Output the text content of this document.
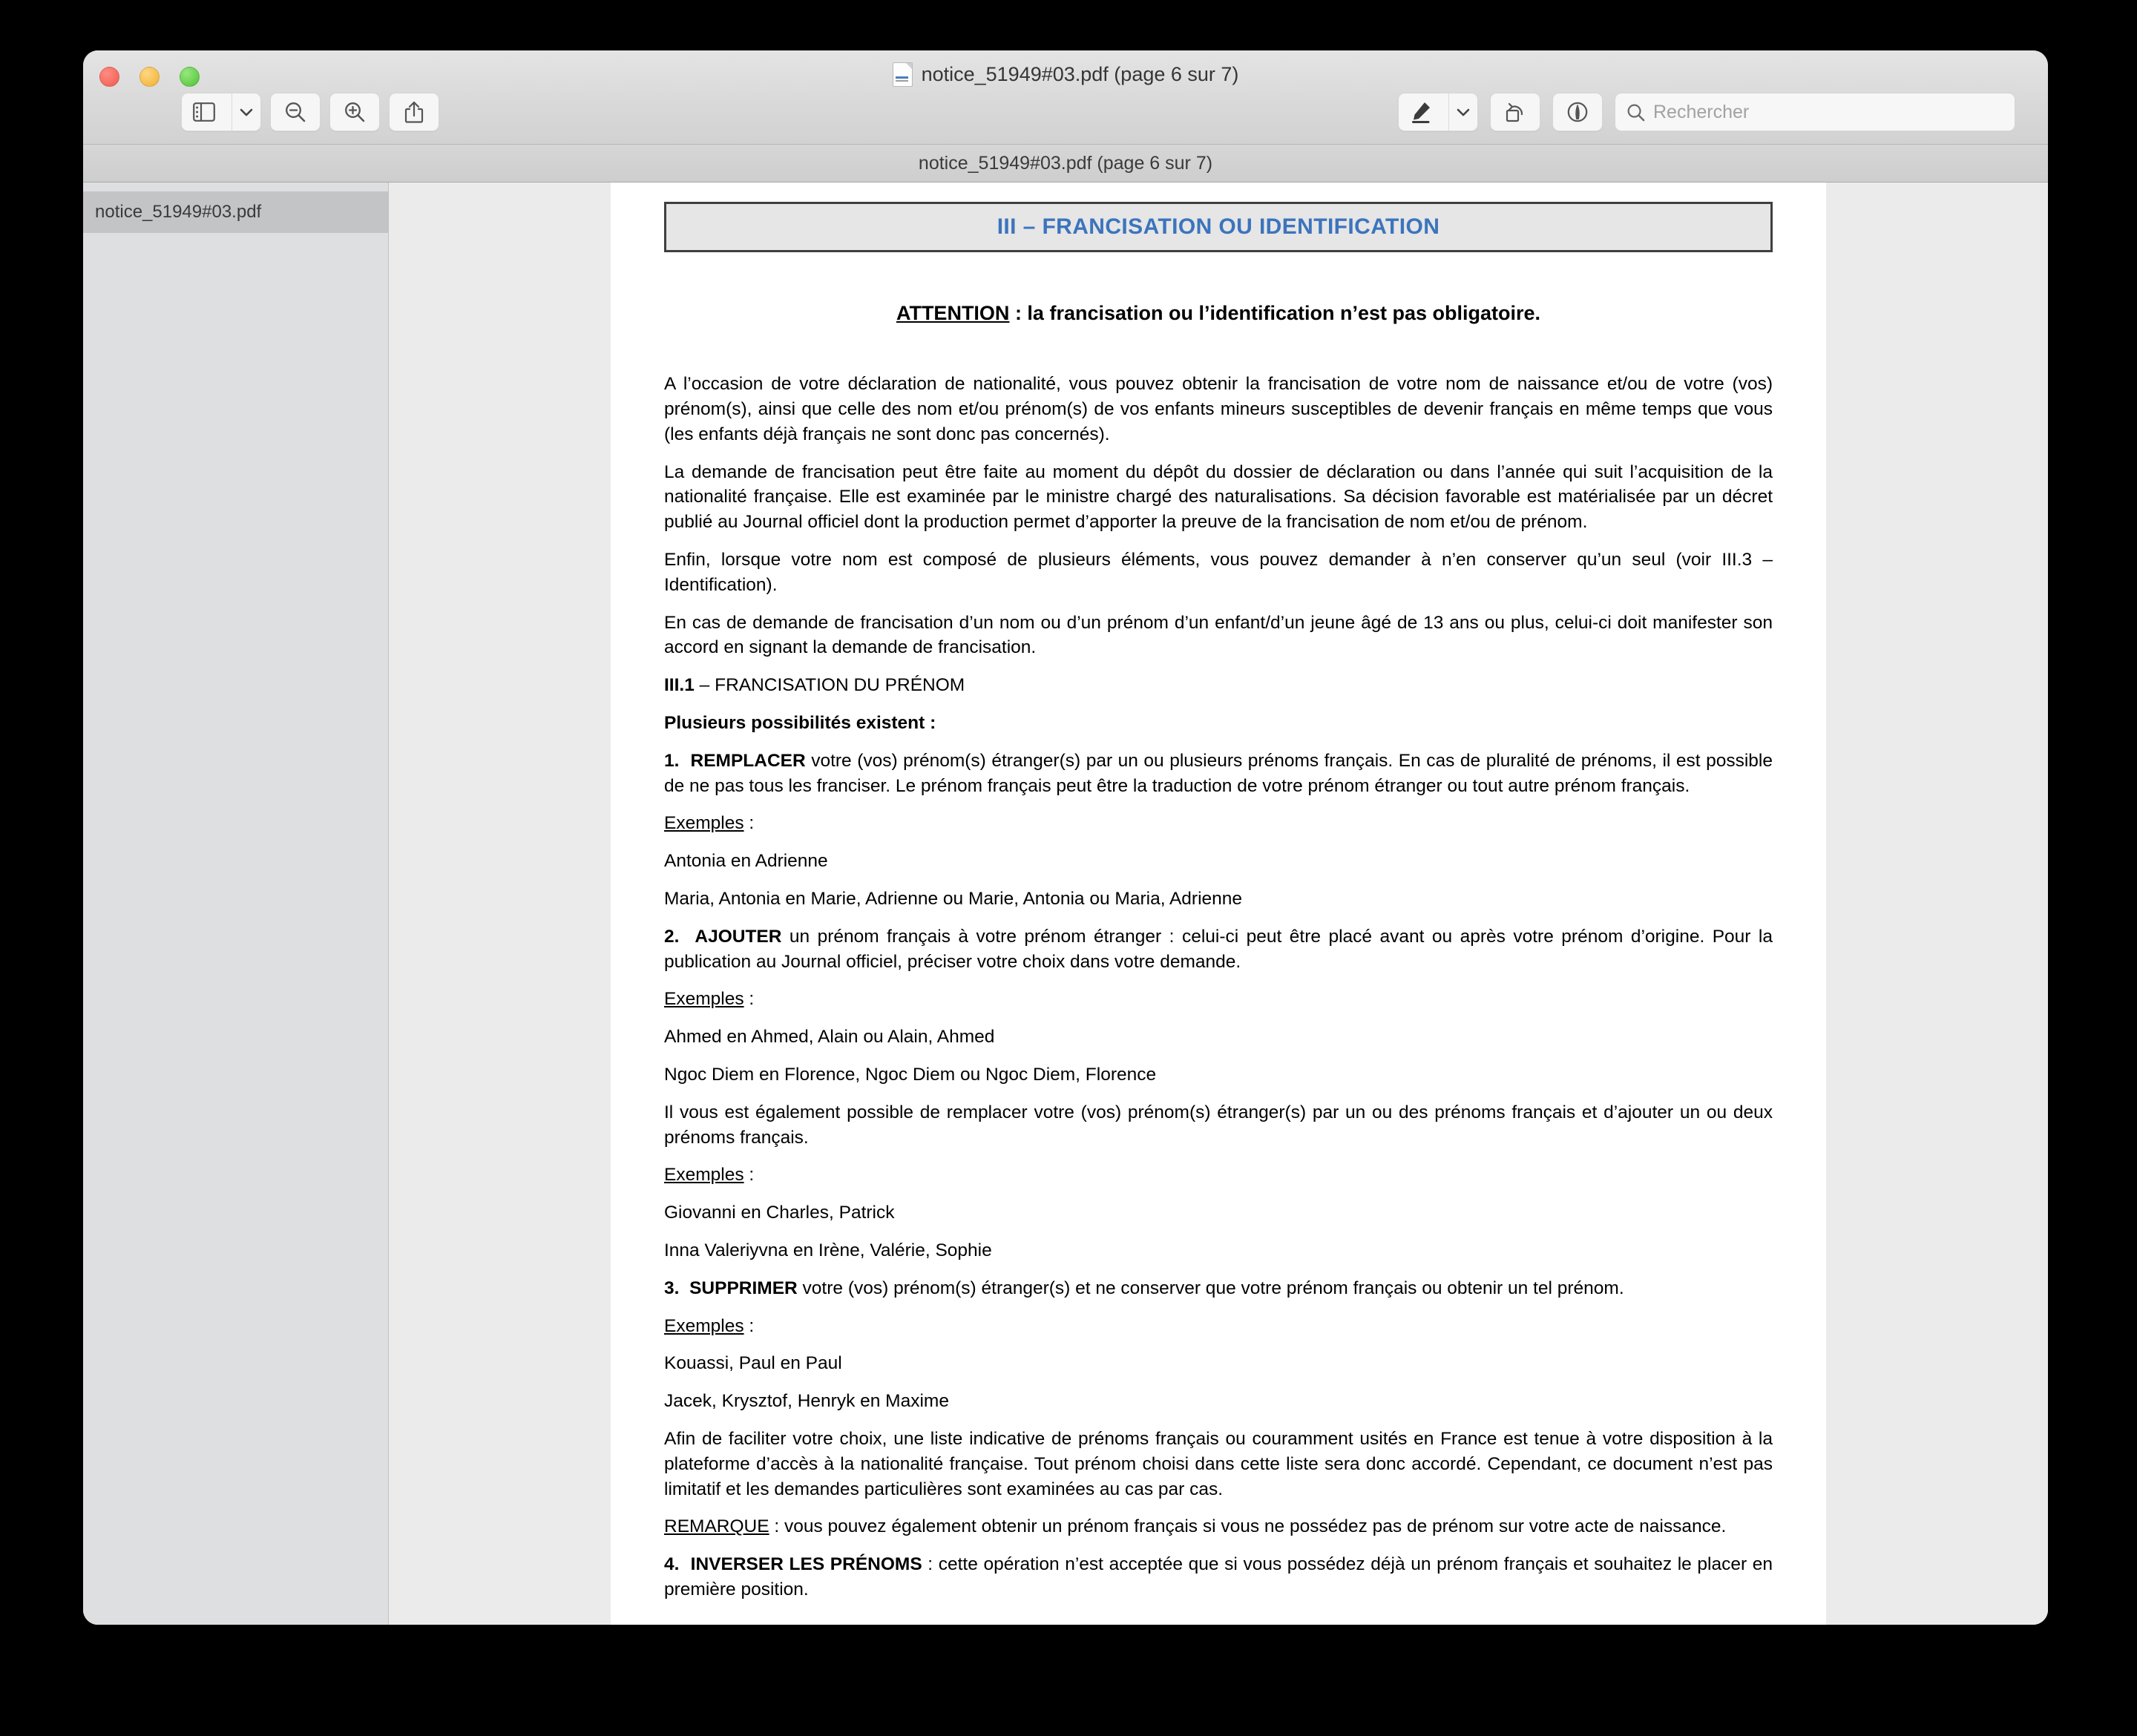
notice_51949#03.pdf (page 6 sur 7)
Rechercher
notice_51949#03.pdf (page 6 sur 7)
notice_51949#03.pdf
III – FRANCISATION OU IDENTIFICATION
ATTENTION : la francisation ou l’identification n’est pas obligatoire.

A l’occasion de votre déclaration de nationalité, vous pouvez obtenir la francisation de votre nom de naissance et/ou de votre (vos) prénom(s), ainsi que celle des nom et/ou prénom(s) de vos enfants mineurs susceptibles de devenir français en même temps que vous (les enfants déjà français ne sont donc pas concernés).

La demande de francisation peut être faite au moment du dépôt du dossier de déclaration ou dans l’année qui suit l’acquisition de la nationalité française. Elle est examinée par le ministre chargé des naturalisations. Sa décision favorable est matérialisée par un décret publié au Journal officiel dont la production permet d’apporter la preuve de la francisation de nom et/ou de prénom.

Enfin, lorsque votre nom est composé de plusieurs éléments, vous pouvez demander à n’en conserver qu’un seul (voir III.3 – Identification).

En cas de demande de francisation d’un nom ou d’un prénom d’un enfant/d’un jeune âgé de 13 ans ou plus, celui-ci doit manifester son accord en signant la demande de francisation.

III.1 – FRANCISATION DU PRÉNOM

Plusieurs possibilités existent :

1. REMPLACER votre (vos) prénom(s) étranger(s) par un ou plusieurs prénoms français. En cas de pluralité de prénoms, il est possible de ne pas tous les franciser. Le prénom français peut être la traduction de votre prénom étranger ou tout autre prénom français.

Exemples :

Antonia en Adrienne

Maria, Antonia en Marie, Adrienne ou Marie, Antonia ou Maria, Adrienne

2. AJOUTER un prénom français à votre prénom étranger : celui-ci peut être placé avant ou après votre prénom d’origine. Pour la publication au Journal officiel, préciser votre choix dans votre demande.

Exemples :

Ahmed en Ahmed, Alain ou Alain, Ahmed

Ngoc Diem en Florence, Ngoc Diem ou Ngoc Diem, Florence

Il vous est également possible de remplacer votre (vos) prénom(s) étranger(s) par un ou des prénoms français et d’ajouter un ou deux prénoms français.

Exemples :

Giovanni en Charles, Patrick

Inna Valeriyvna en Irène, Valérie, Sophie

3. SUPPRIMER votre (vos) prénom(s) étranger(s) et ne conserver que votre prénom français ou obtenir un tel prénom.

Exemples :

Kouassi, Paul en Paul

Jacek, Krysztof, Henryk en Maxime

Afin de faciliter votre choix, une liste indicative de prénoms français ou couramment usités en France est tenue à votre disposition à la plateforme d’accès à la nationalité française. Tout prénom choisi dans cette liste sera donc accordé. Cependant, ce document n’est pas limitatif et les demandes particulières sont examinées au cas par cas.

REMARQUE : vous pouvez également obtenir un prénom français si vous ne possédez pas de prénom sur votre acte de naissance.

4. INVERSER LES PRÉNOMS : cette opération n’est acceptée que si vous possédez déjà un prénom français et souhaitez le placer en première position.
